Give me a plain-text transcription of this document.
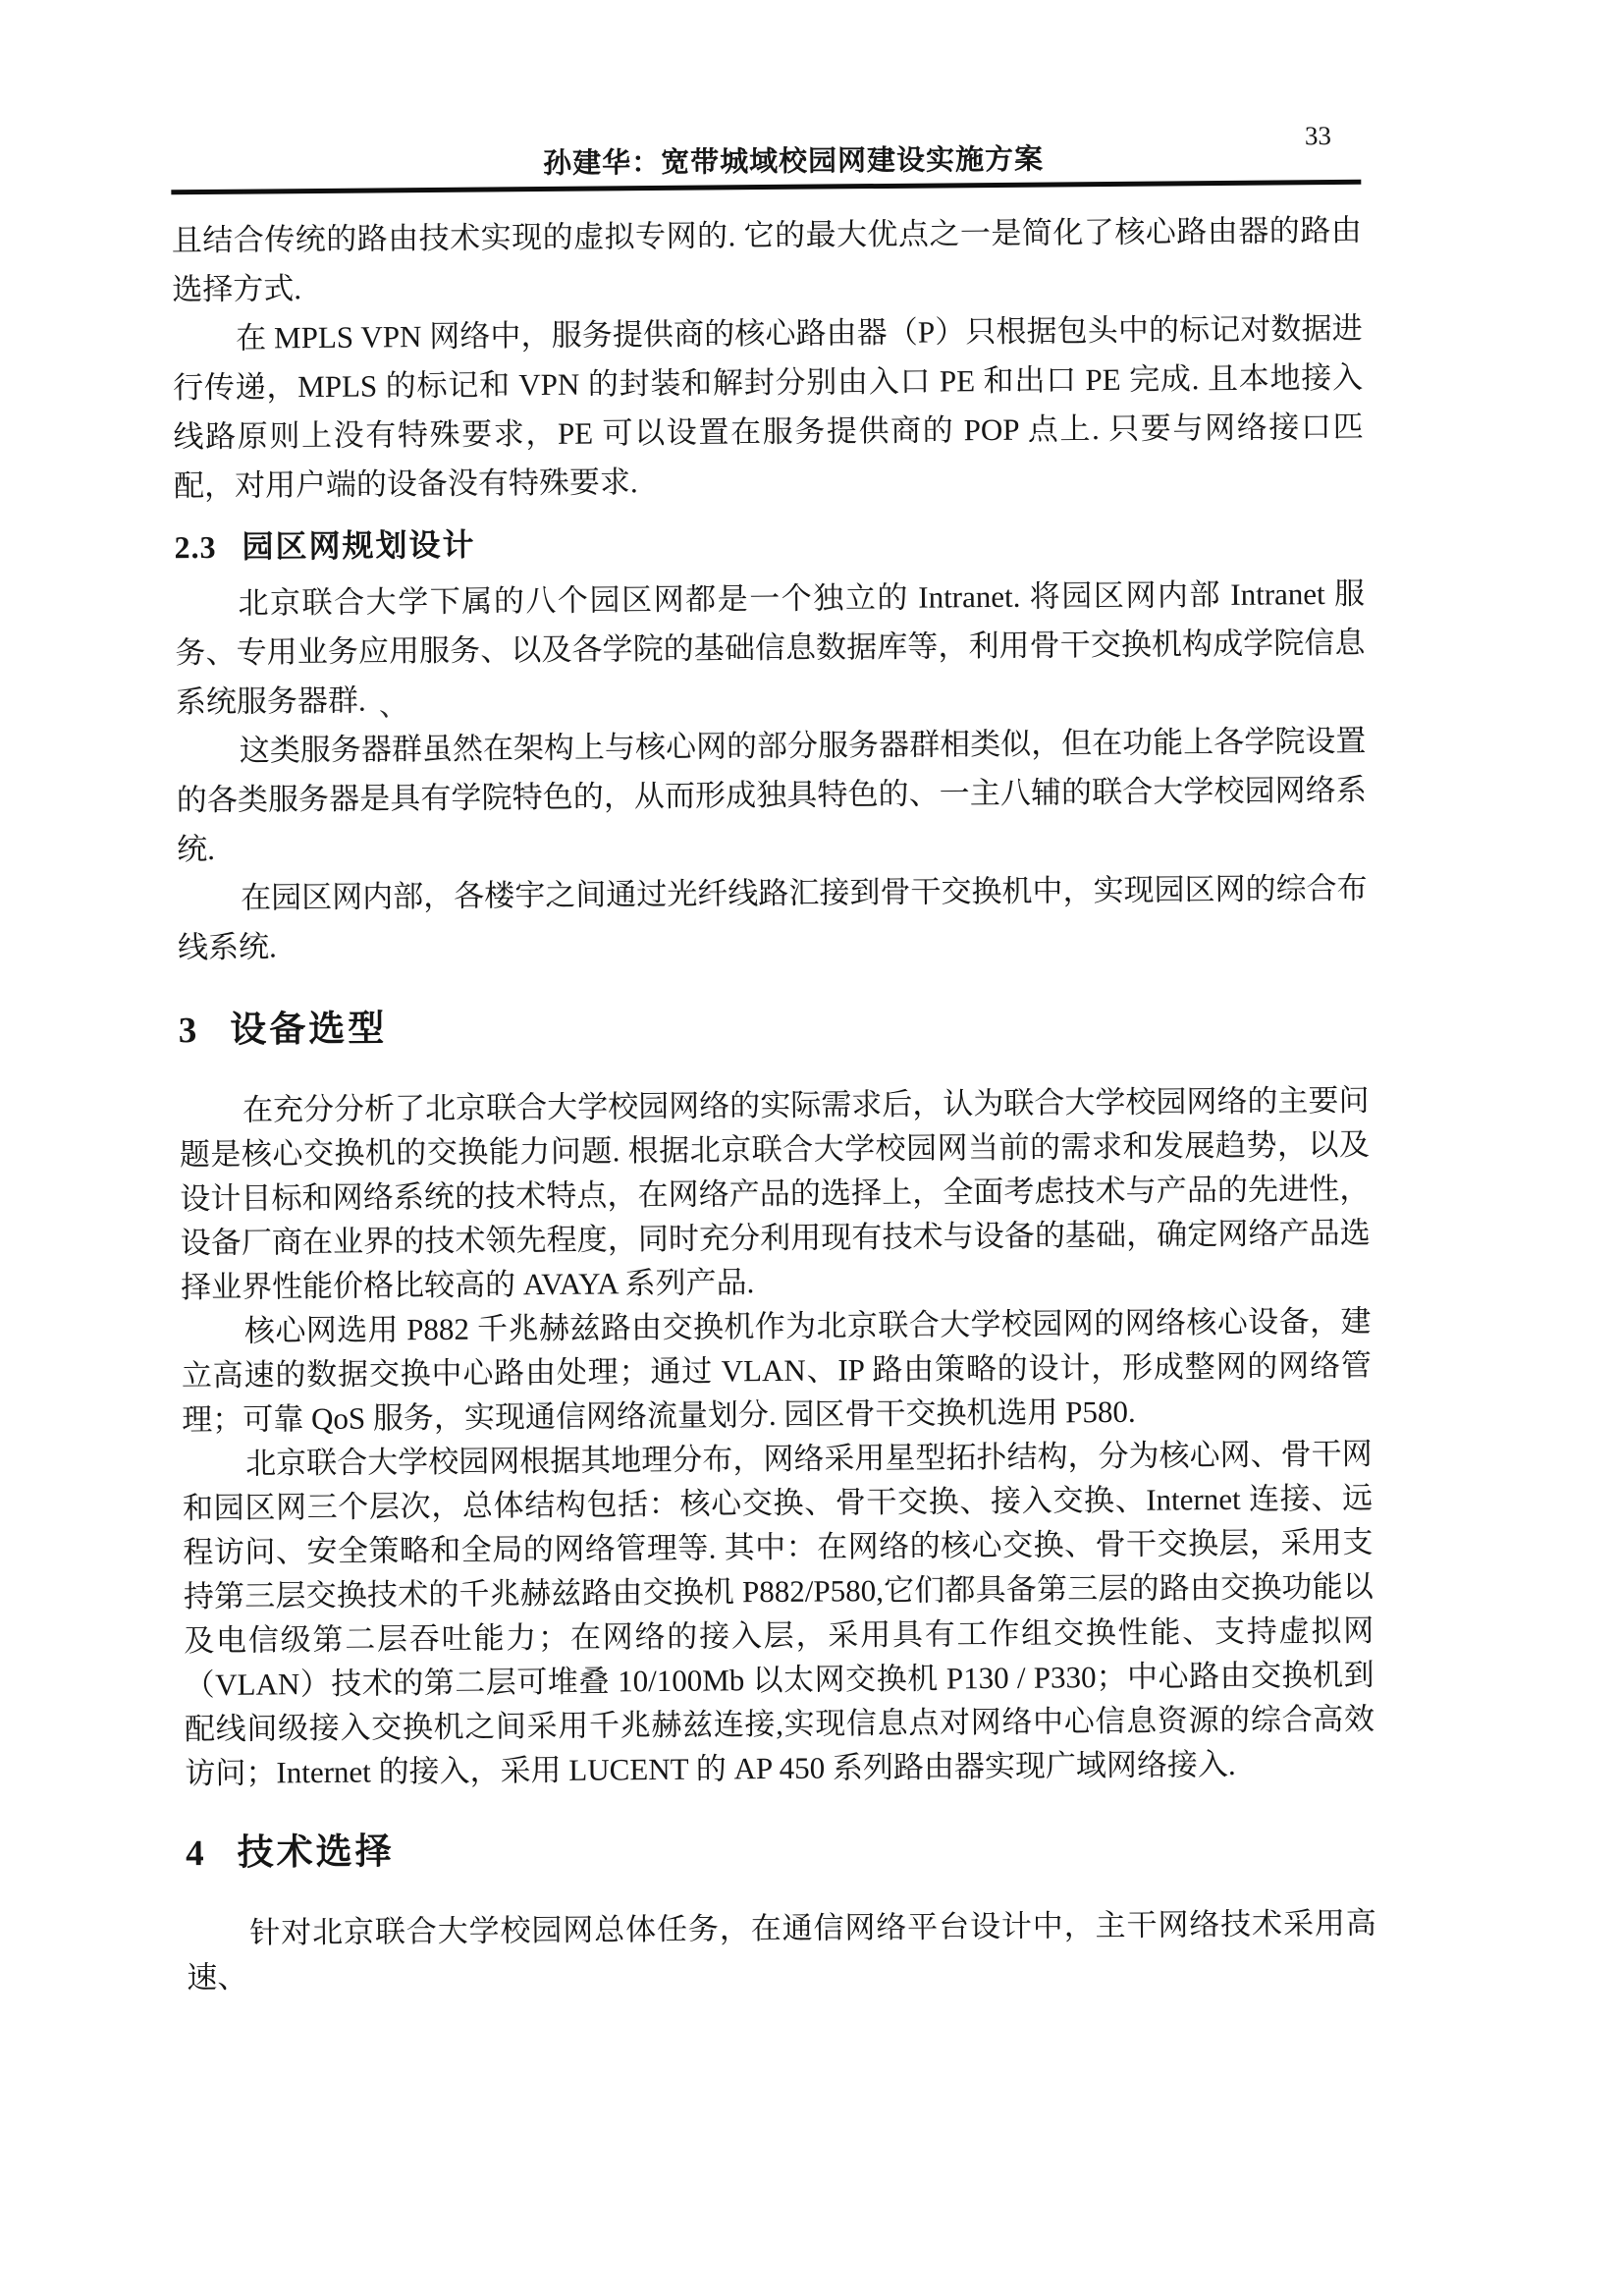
孙建华：宽带城域校园网建设实施方案
33

且结合传统的路由技术实现的虚拟专网的. 它的最大优点之一是简化了核心路由器的路由选择方式.

在 MPLS VPN 网络中，服务提供商的核心路由器（P）只根据包头中的标记对数据进行传递，MPLS 的标记和 VPN 的封装和解封分别由入口 PE 和出口 PE 完成. 且本地接入线路原则上没有特殊要求，PE 可以设置在服务提供商的 POP 点上. 只要与网络接口匹配，对用户端的设备没有特殊要求.

2.3 园区网规划设计

北京联合大学下属的八个园区网都是一个独立的 Intranet. 将园区网内部 Intranet 服务、专用业务应用服务、以及各学院的基础信息数据库等，利用骨干交换机构成学院信息系统服务器群.

这类服务器群虽然在架构上与核心网的部分服务器群相类似，但在功能上各学院设置的各类服务器是具有学院特色的，从而形成独具特色的、一主八辅的联合大学校园网络系统.

在园区网内部，各楼宇之间通过光纤线路汇接到骨干交换机中，实现园区网的综合布线系统.

3 设备选型

在充分分析了北京联合大学校园网络的实际需求后，认为联合大学校园网络的主要问题是核心交换机的交换能力问题. 根据北京联合大学校园网当前的需求和发展趋势，以及设计目标和网络系统的技术特点，在网络产品的选择上，全面考虑技术与产品的先进性，设备厂商在业界的技术领先程度，同时充分利用现有技术与设备的基础，确定网络产品选择业界性能价格比较高的 AVAYA 系列产品.

核心网选用 P882 千兆赫兹路由交换机作为北京联合大学校园网的网络核心设备，建立高速的数据交换中心路由处理；通过 VLAN、IP 路由策略的设计，形成整网的网络管理；可靠 QoS 服务，实现通信网络流量划分. 园区骨干交换机选用 P580.

北京联合大学校园网根据其地理分布，网络采用星型拓扑结构，分为核心网、骨干网和园区网三个层次，总体结构包括：核心交换、骨干交换、接入交换、Internet 连接、远程访问、安全策略和全局的网络管理等. 其中：在网络的核心交换、骨干交换层，采用支持第三层交换技术的千兆赫兹路由交换机 P882/P580,它们都具备第三层的路由交换功能以及电信级第二层吞吐能力；在网络的接入层，采用具有工作组交换性能、支持虚拟网（VLAN）技术的第二层可堆叠 10/100Mb 以太网交换机 P130 / P330；中心路由交换机到配线间级接入交换机之间采用千兆赫兹连接,实现信息点对网络中心信息资源的综合高效访问；Internet 的接入，采用 LUCENT 的 AP 450 系列路由器实现广域网络接入.

4 技术选择

针对北京联合大学校园网总体任务，在通信网络平台设计中，主干网络技术采用高速、

、
